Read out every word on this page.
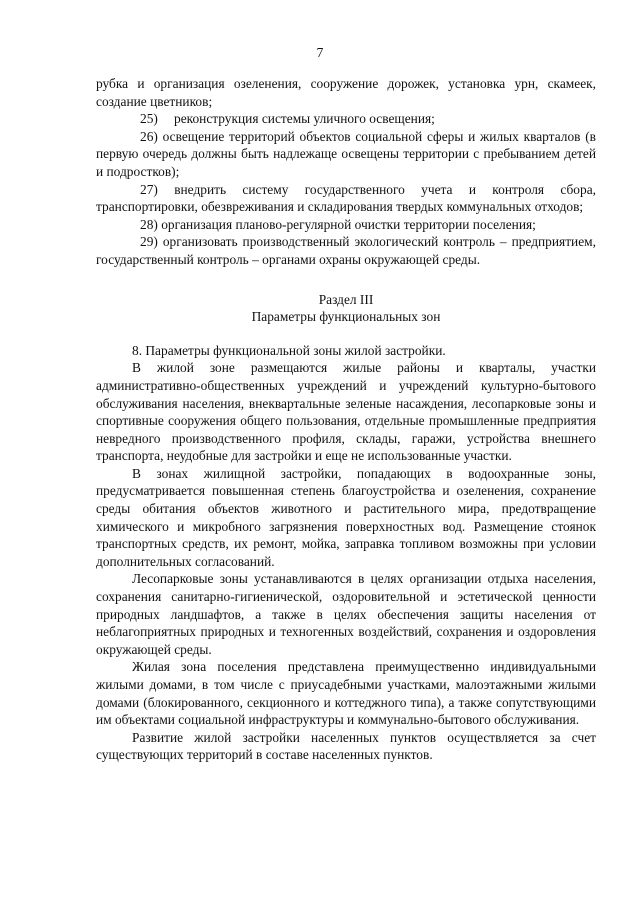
7

рубка и организация озеленения, сооружение дорожек, установка урн, скамеек, создание цветников;

25)	реконструкция системы уличного освещения;

26) освещение территорий объектов социальной сферы и жилых кварталов (в первую очередь должны быть надлежаще освещены территории с пребыванием детей и подростков);

27) внедрить систему государственного учета и контроля сбора, транспортировки, обезвреживания и складирования твердых коммунальных отходов;

28) организация планово-регулярной очистки территории поселения;

29) организовать производственный экологический контроль – предприятием, государственный контроль – органами охраны окружающей среды.

Раздел III

Параметры функциональных зон

8. Параметры функциональной зоны жилой застройки.

В жилой зоне размещаются жилые районы и кварталы, участки административно-общественных учреждений и учреждений культурно-бытового обслуживания населения, внеквартальные зеленые насаждения, лесопарковые зоны и спортивные сооружения общего пользования, отдельные промышленные предприятия невредного производственного профиля, склады, гаражи, устройства внешнего транспорта, неудобные для застройки и еще не использованные участки.

В зонах жилищной застройки, попадающих в водоохранные зоны, предусматривается повышенная степень благоустройства и озеленения, сохранение среды обитания объектов животного и растительного мира, предотвращение химического и микробного загрязнения поверхностных вод. Размещение стоянок транспортных средств, их ремонт, мойка, заправка топливом возможны при условии дополнительных согласований.

Лесопарковые зоны устанавливаются в целях организации отдыха населения, сохранения санитарно-гигиенической, оздоровительной и эстетической ценности природных ландшафтов, а также в целях обеспечения защиты населения от неблагоприятных природных и техногенных воздействий, сохранения и оздоровления окружающей среды.

Жилая зона поселения представлена преимущественно индивидуальными жилыми домами, в том числе с приусадебными участками, малоэтажными жилыми домами (блокированного, секционного и коттеджного типа), а также сопутствующими им объектами социальной инфраструктуры и коммунально-бытового обслуживания.

Развитие жилой застройки населенных пунктов осуществляется за счет существующих территорий в составе населенных пунктов.
